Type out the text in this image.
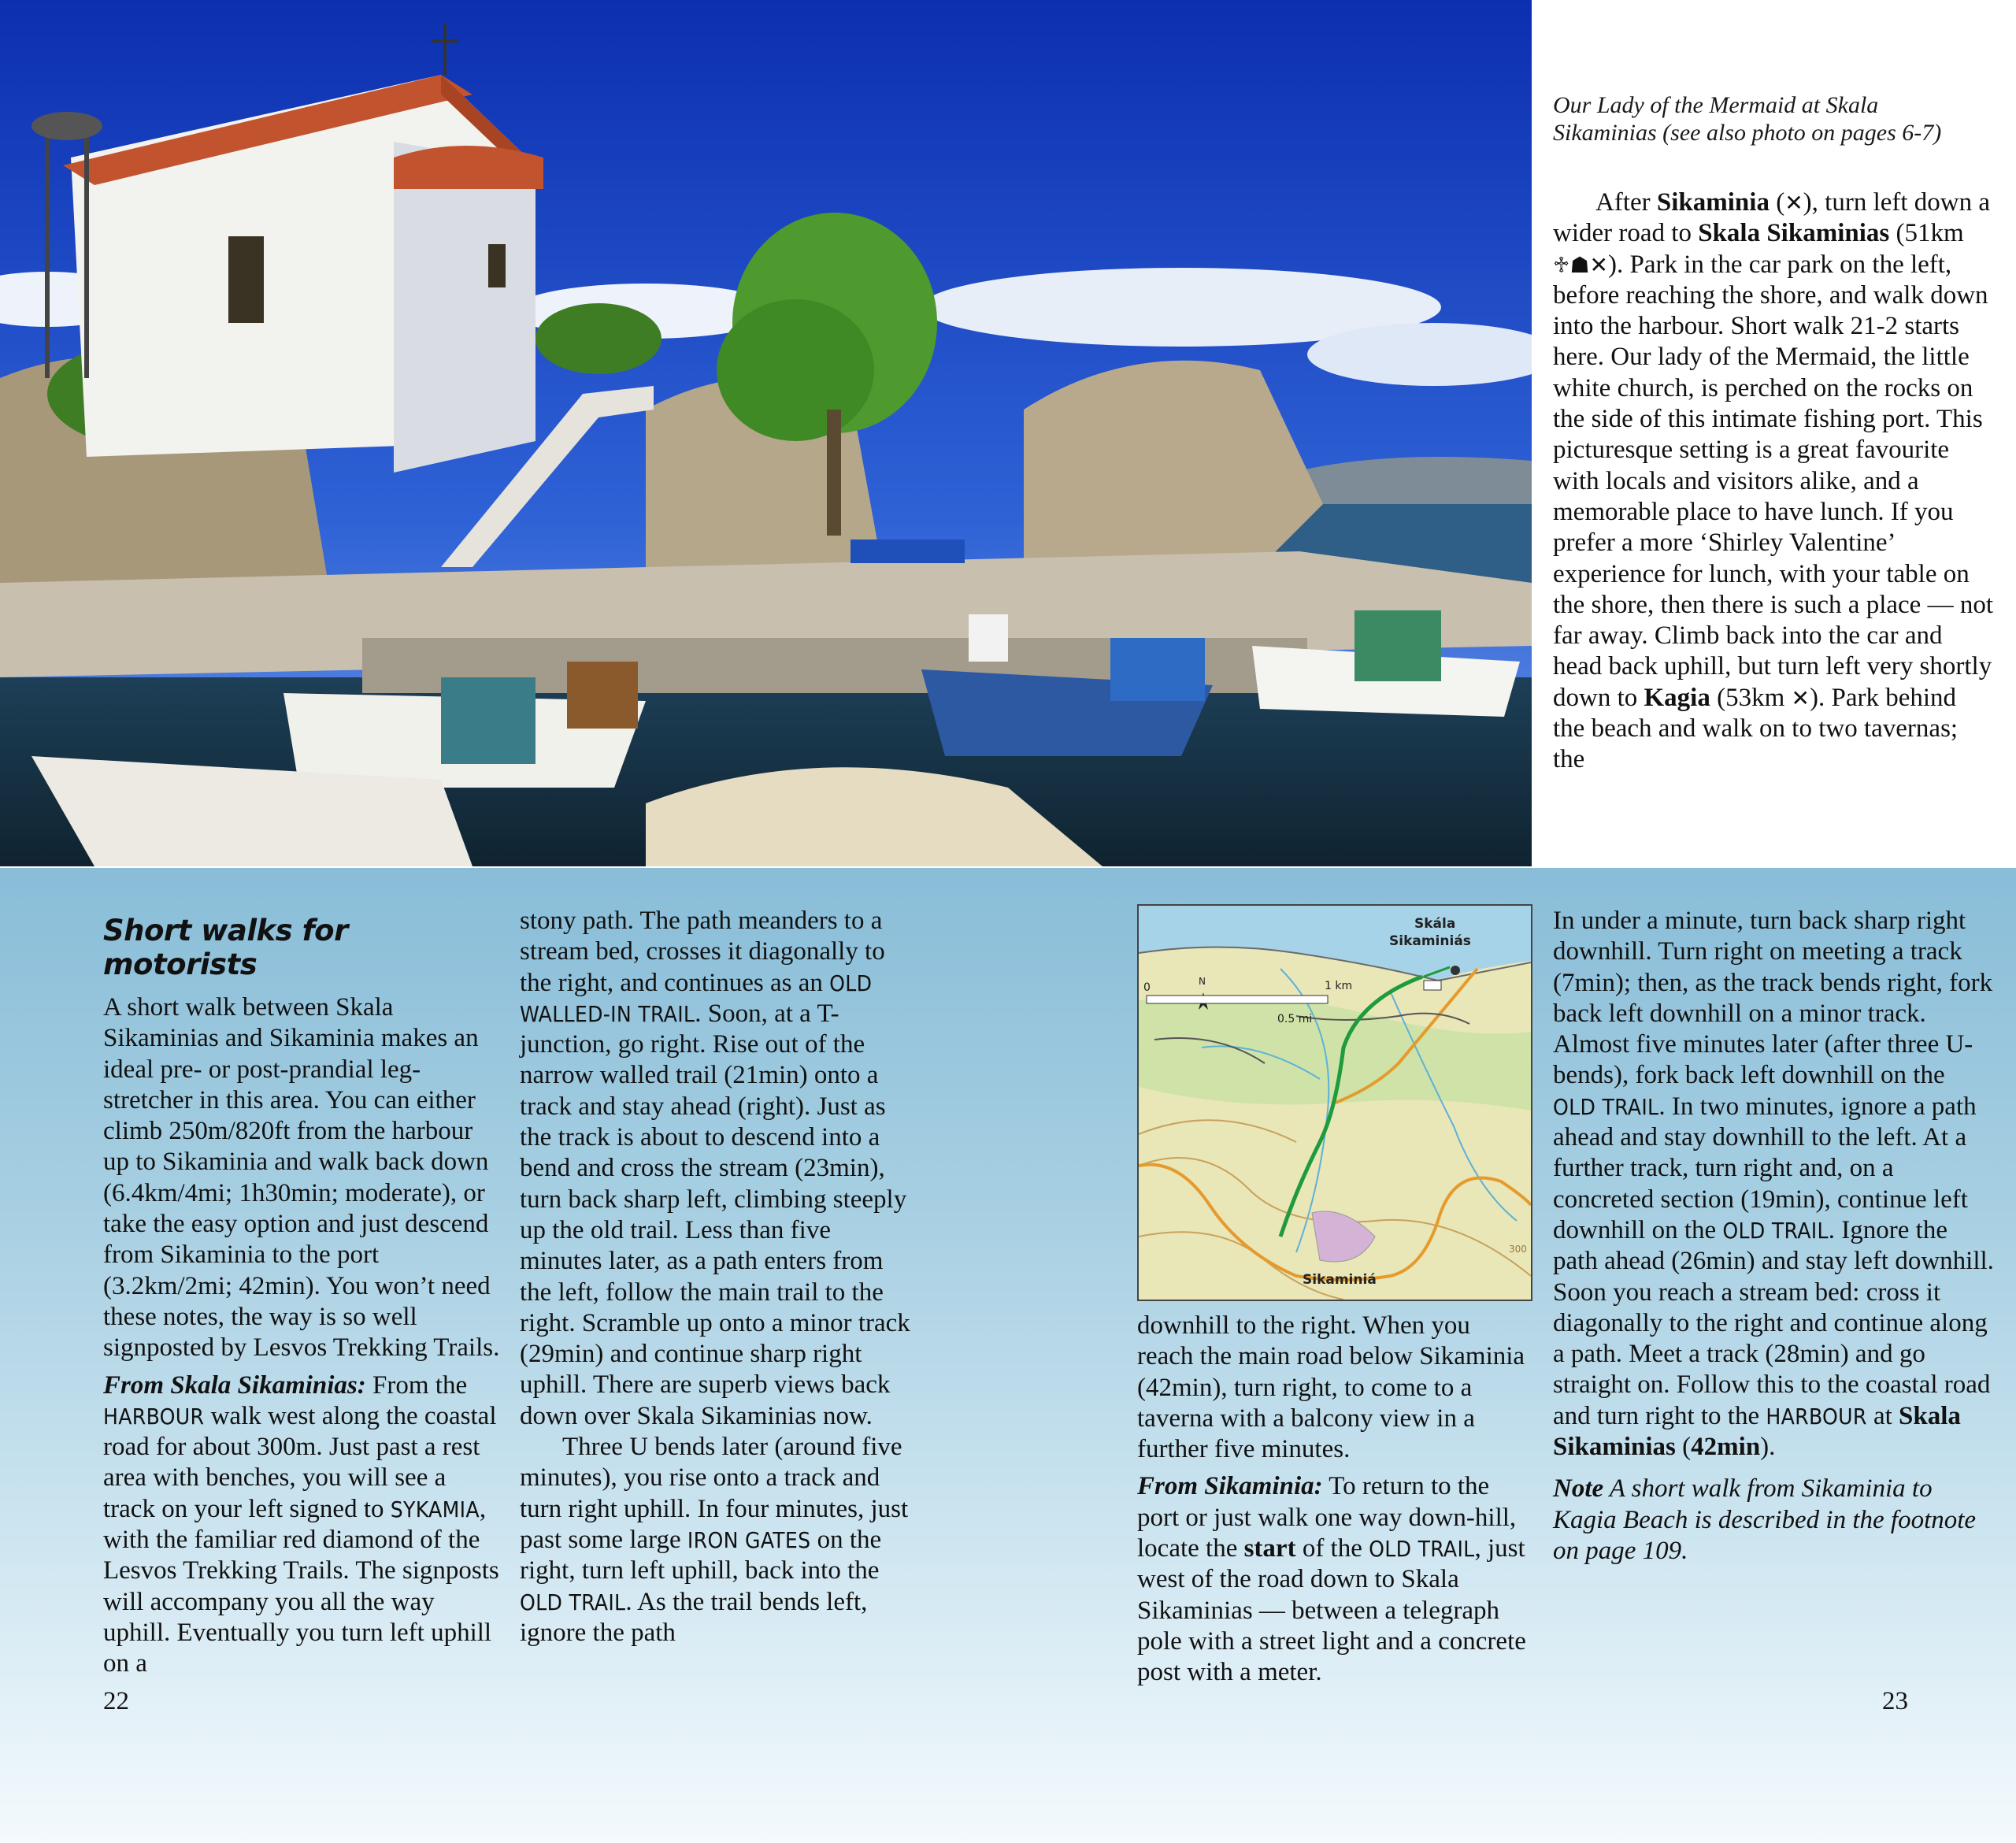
Our Lady of the Mermaid at Skala
Sikaminias (see also photo on pages 6-7)

After Sikaminia (✕), turn left down a wider road to Skala Sikaminias (51km ♱☗✕). Park in the car park on the left, before reaching the shore, and walk down into the harbour. Short walk 21-2 starts here. Our lady of the Mermaid, the little white church, is perched on the rocks on the side of this intimate fishing port. This picturesque setting is a great favourite with locals and visitors alike, and a memorable place to have lunch. If you prefer a more ‘Shirley Valentine’ experience for lunch, with your table on the shore, then there is such a place — not far away. Climb back into the car and head back uphill, but turn left very shortly down to Kagia (53km ✕). Park behind the beach and walk on to two tavernas; the

Short walks for motorists

A short walk between Skala Sikaminias and Sikaminia makes an ideal pre- or post-prandial leg-stretcher in this area. You can either climb 250m/820ft from the harbour up to Sikaminia and walk back down (6.4km/4mi; 1h30min; moderate), or take the easy option and just descend from Sikaminia to the port (3.2km/2mi; 42min). You won’t need these notes, the way is so well signposted by Lesvos Trekking Trails.

From Skala Sikaminias: From the HARBOUR walk west along the coastal road for about 300m. Just past a rest area with benches, you will see a track on your left signed to SYKAMIA, with the familiar red diamond of the Lesvos Trekking Trails. The signposts will accompany you all the way uphill. Eventually you turn left uphill on a

stony path. The path meanders to a stream bed, crosses it diagonally to the right, and continues as an OLD WALLED-IN TRAIL. Soon, at a T-junction, go right. Rise out of the narrow walled trail (21min) onto a track and stay ahead (right). Just as the track is about to descend into a bend and cross the stream (23min), turn back sharp left, climbing steeply up the old trail. Less than five minutes later, as a path enters from the left, follow the main trail to the right. Scramble up onto a minor track (29min) and continue sharp right uphill. There are superb views back down over Skala Sikaminias now.

Three U bends later (around five minutes), you rise onto a track and turn right uphill. In four minutes, just past some large IRON GATES on the right, turn left uphill, back into the OLD TRAIL. As the trail bends left, ignore the path

N
0	1 km
0.5 mi
Skála
Sikaminiás
Sikaminiá
300

downhill to the right. When you reach the main road below Sikaminia (42min), turn right, to come to a taverna with a balcony view in a further five minutes.

From Sikaminia: To return to the port or just walk one way down-hill, locate the start of the OLD TRAIL, just west of the road down to Skala Sikaminias — between a telegraph pole with a street light and a concrete post with a meter.

In under a minute, turn back sharp right downhill. Turn right on meeting a track (7min); then, as the track bends right, fork back left downhill on a minor track. Almost five minutes later (after three U-bends), fork back left downhill on the OLD TRAIL. In two minutes, ignore a path ahead and stay downhill to the left. At a further track, turn right and, on a concreted section (19min), continue left downhill on the OLD TRAIL. Ignore the path ahead (26min) and stay left downhill. Soon you reach a stream bed: cross it diagonally to the right and continue along a path. Meet a track (28min) and go straight on. Follow this to the coastal road and turn right to the HARBOUR at Skala Sikaminias (42min).

Note A short walk from Sikaminia to Kagia Beach is described in the footnote on page 109.

22	23
